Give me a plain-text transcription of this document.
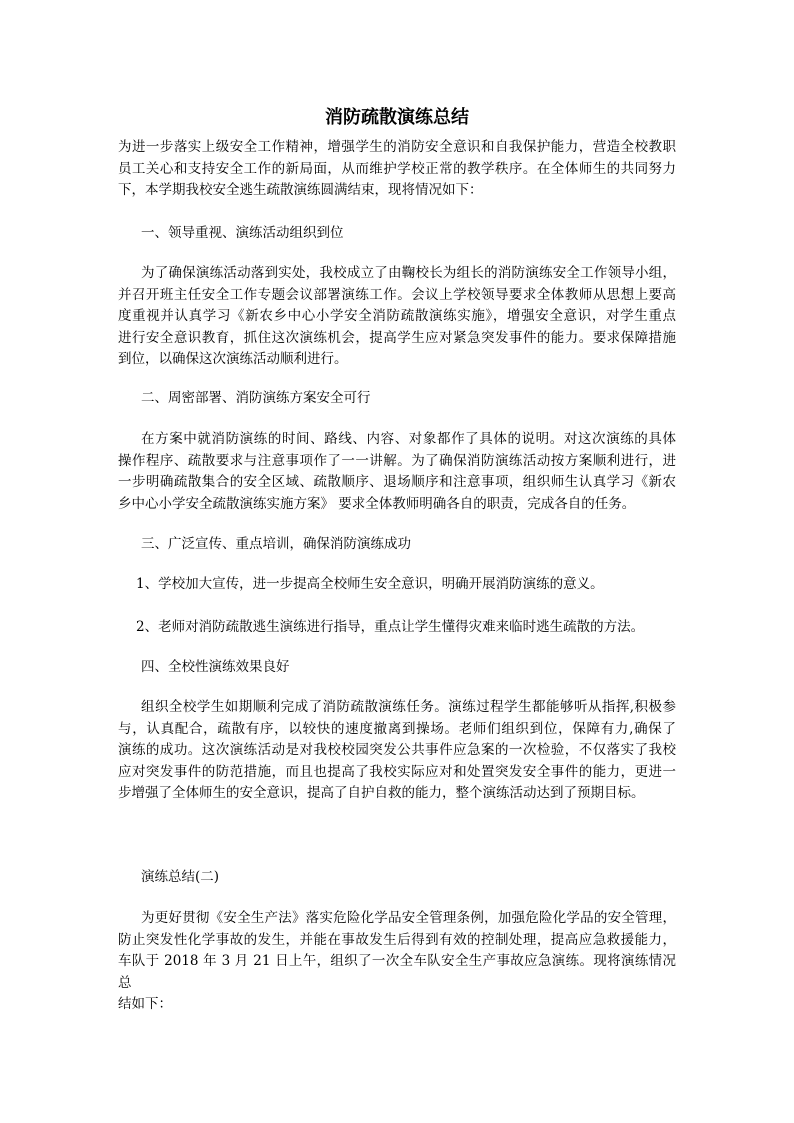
消防疏散演练总结
为进一步落实上级安全工作精神，增强学生的消防安全意识和自我保护能力，营造全校教职
员工关心和支持安全工作的新局面，从而维护学校正常的教学秩序。在全体师生的共同努力
下，本学期我校安全逃生疏散演练圆满结束，现将情况如下：
一、领导重视、演练活动组织到位
为了确保演练活动落到实处，我校成立了由鞠校长为组长的消防演练安全工作领导小组，
并召开班主任安全工作专题会议部署演练工作。会议上学校领导要求全体教师从思想上要高
度重视并认真学习《新农乡中心小学安全消防疏散演练实施》，增强安全意识，对学生重点
进行安全意识教育，抓住这次演练机会，提高学生应对紧急突发事件的能力。要求保障措施
到位，以确保这次演练活动顺利进行。
二、周密部署、消防演练方案安全可行
在方案中就消防演练的时间、路线、内容、对象都作了具体的说明。对这次演练的具体
操作程序、疏散要求与注意事项作了一一讲解。为了确保消防演练活动按方案顺利进行，进
一步明确疏散集合的安全区域、疏散顺序、退场顺序和注意事项，组织师生认真学习《新农
乡中心小学安全疏散演练实施方案》 要求全体教师明确各自的职责，完成各自的任务。
三、广泛宣传、重点培训，确保消防演练成功
1、学校加大宣传，进一步提高全校师生安全意识，明确开展消防演练的意义。
2、老师对消防疏散逃生演练进行指导，重点让学生懂得灾难来临时逃生疏散的方法。
四、全校性演练效果良好
组织全校学生如期顺利完成了消防疏散演练任务。演练过程学生都能够听从指挥,积极参
与，认真配合，疏散有序，以较快的速度撤离到操场。老师们组织到位，保障有力,确保了
演练的成功。这次演练活动是对我校校园突发公共事件应急案的一次检验，不仅落实了我校
应对突发事件的防范措施，而且也提高了我校实际应对和处置突发安全事件的能力，更进一
步增强了全体师生的安全意识，提高了自护自救的能力，整个演练活动达到了预期目标。
演练总结(二)
为更好贯彻《安全生产法》落实危险化学品安全管理条例，加强危险化学品的安全管理，
防止突发性化学事故的发生，并能在事故发生后得到有效的控制处理，提高应急救援能力，
车队于 2018 年 3 月 21 日上午，组织了一次全车队安全生产事故应急演练。现将演练情况总
结如下：
